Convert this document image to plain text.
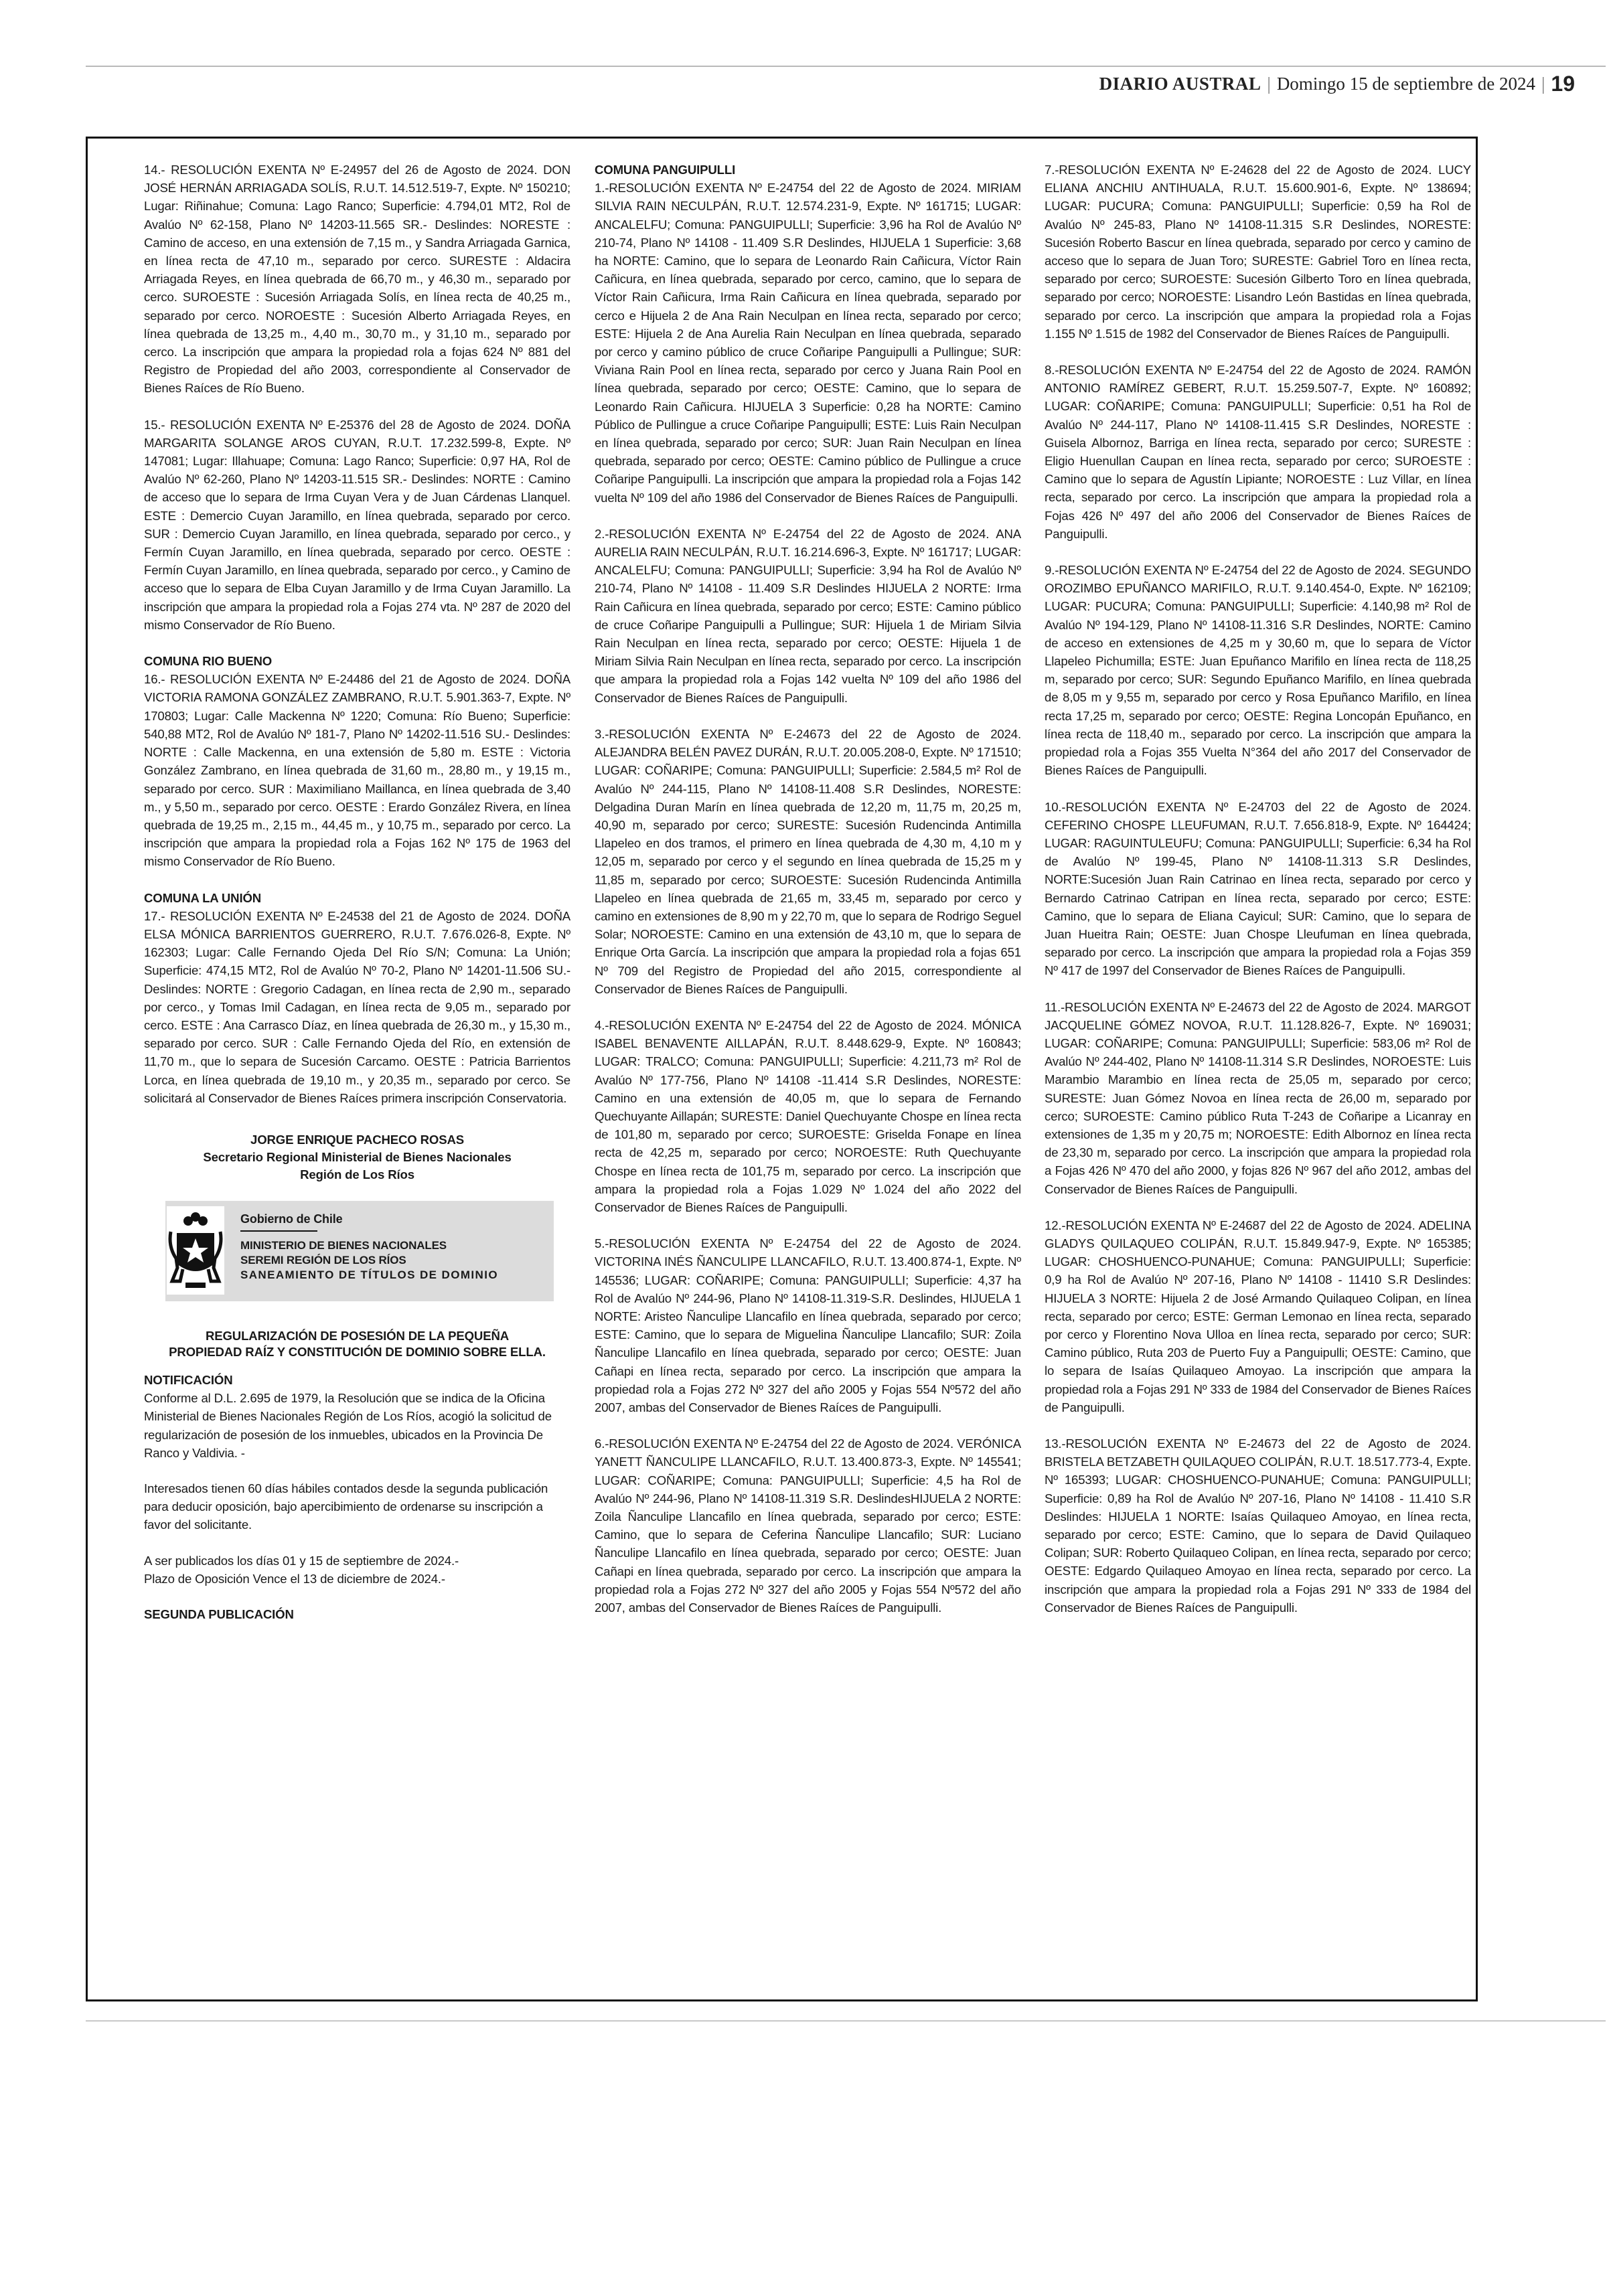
DIARIO AUSTRAL | Domingo 15 de septiembre de 2024 | 19

14.- RESOLUCIÓN EXENTA Nº E-24957 del 26 de Agosto de 2024. DON JOSÉ HERNÁN ARRIAGADA SOLÍS, R.U.T. 14.512.519-7, Expte. Nº 150210; Lugar: Riñinahue; Comuna: Lago Ranco; Superficie: 4.794,01 MT2, Rol de Avalúo Nº 62-158, Plano Nº 14203-11.565 SR.- Deslindes: NORESTE : Camino de acceso, en una extensión de 7,15 m., y Sandra Arriagada Garnica, en línea recta de 47,10 m., separado por cerco. SURESTE : Aldacira Arriagada Reyes, en línea quebrada de 66,70 m., y 46,30 m., separado por cerco. SUROESTE : Sucesión Arriagada Solís, en línea recta de 40,25 m., separado por cerco. NOROESTE : Sucesión Alberto Arriagada Reyes, en línea quebrada de 13,25 m., 4,40 m., 30,70 m., y 31,10 m., separado por cerco. La inscripción que ampara la propiedad rola a fojas 624 Nº 881 del Registro de Propiedad del año 2003, correspondiente al Conservador de Bienes Raíces de Río Bueno.

15.- RESOLUCIÓN EXENTA Nº E-25376 del 28 de Agosto de 2024. DOÑA MARGARITA SOLANGE AROS CUYAN, R.U.T. 17.232.599-8, Expte. Nº 147081; Lugar: Illahuape; Comuna: Lago Ranco; Superficie: 0,97 HA, Rol de Avalúo Nº 62-260, Plano Nº 14203-11.515 SR.- Deslindes: NORTE : Camino de acceso que lo separa de Irma Cuyan Vera y de Juan Cárdenas Llanquel. ESTE : Demercio Cuyan Jaramillo, en línea quebrada, separado por cerco. SUR : Demercio Cuyan Jaramillo, en línea quebrada, separado por cerco., y Fermín Cuyan Jaramillo, en línea quebrada, separado por cerco. OESTE : Fermín Cuyan Jaramillo, en línea quebrada, separado por cerco., y Camino de acceso que lo separa de Elba Cuyan Jaramillo y de Irma Cuyan Jaramillo. La inscripción que ampara la propiedad rola a Fojas 274 vta. Nº 287 de 2020 del mismo Conservador de Río Bueno.

COMUNA RIO BUENO

16.- RESOLUCIÓN EXENTA Nº E-24486 del 21 de Agosto de 2024. DOÑA VICTORIA RAMONA GONZÁLEZ ZAMBRANO, R.U.T. 5.901.363-7, Expte. Nº 170803; Lugar: Calle Mackenna Nº 1220; Comuna: Río Bueno; Superficie: 540,88 MT2, Rol de Avalúo Nº 181-7, Plano Nº 14202-11.516 SU.- Deslindes: NORTE : Calle Mackenna, en una extensión de 5,80 m. ESTE : Victoria González Zambrano, en línea quebrada de 31,60 m., 28,80 m., y 19,15 m., separado por cerco. SUR : Maximiliano Maillanca, en línea quebrada de 3,40 m., y 5,50 m., separado por cerco. OESTE : Erardo González Rivera, en línea quebrada de 19,25 m., 2,15 m., 44,45 m., y 10,75 m., separado por cerco. La inscripción que ampara la propiedad rola a Fojas 162 Nº 175 de 1963 del mismo Conservador de Río Bueno.

COMUNA LA UNIÓN

17.- RESOLUCIÓN EXENTA Nº E-24538 del 21 de Agosto de 2024. DOÑA ELSA MÓNICA BARRIENTOS GUERRERO, R.U.T. 7.676.026-8, Expte. Nº 162303; Lugar: Calle Fernando Ojeda Del Río S/N; Comuna: La Unión; Superficie: 474,15 MT2, Rol de Avalúo Nº 70-2, Plano Nº 14201-11.506 SU.- Deslindes: NORTE : Gregorio Cadagan, en línea recta de 2,90 m., separado por cerco., y Tomas Imil Cadagan, en línea recta de 9,05 m., separado por cerco. ESTE : Ana Carrasco Díaz, en línea quebrada de 26,30 m., y 15,30 m., separado por cerco. SUR : Calle Fernando Ojeda del Río, en extensión de 11,70 m., que lo separa de Sucesión Carcamo. OESTE : Patricia Barrientos Lorca, en línea quebrada de 19,10 m., y 20,35 m., separado por cerco. Se solicitará al Conservador de Bienes Raíces primera inscripción Conservatoria.

JORGE ENRIQUE PACHECO ROSAS
Secretario Regional Ministerial de Bienes Nacionales
Región de Los Ríos
Gobierno de Chile
MINISTERIO DE BIENES NACIONALES
SEREMI REGIÓN DE LOS RÍOS
SANEAMIENTO DE TÍTULOS DE DOMINIO
REGULARIZACIÓN DE POSESIÓN DE LA PEQUEÑA
PROPIEDAD RAÍZ Y CONSTITUCIÓN DE DOMINIO SOBRE ELLA.

NOTIFICACIÓN

Conforme al D.L. 2.695 de 1979, la Resolución que se indica de la Oficina Ministerial de Bienes Nacionales Región de Los Ríos, acogió la solicitud de regularización de posesión de los inmuebles, ubicados en la Provincia De Ranco y Valdivia. -

Interesados tienen 60 días hábiles contados desde la segunda publicación para deducir oposición, bajo apercibimiento de ordenarse su inscripción a favor del solicitante.

A ser publicados los días 01 y 15 de septiembre de 2024.-
Plazo de Oposición Vence el 13 de diciembre de 2024.-

SEGUNDA PUBLICACIÓN

COMUNA PANGUIPULLI

1.-RESOLUCIÓN EXENTA Nº E-24754 del 22 de Agosto de 2024. MIRIAM SILVIA RAIN NECULPÁN, R.U.T. 12.574.231-9, Expte. Nº 161715; LUGAR: ANCALELFU; Comuna: PANGUIPULLI; Superficie: 3,96 ha Rol de Avalúo Nº 210-74, Plano Nº 14108 - 11.409 S.R Deslindes, HIJUELA 1 Superficie: 3,68 ha NORTE: Camino, que lo separa de Leonardo Rain Cañicura, Víctor Rain Cañicura, en línea quebrada, separado por cerco, camino, que lo separa de Víctor Rain Cañicura, Irma Rain Cañicura en línea quebrada, separado por cerco e Hijuela 2 de Ana Rain Neculpan en línea recta, separado por cerco; ESTE: Hijuela 2 de Ana Aurelia Rain Neculpan en línea quebrada, separado por cerco y camino público de cruce Coñaripe Panguipulli a Pullingue; SUR: Viviana Rain Pool en línea recta, separado por cerco y Juana Rain Pool en línea quebrada, separado por cerco; OESTE: Camino, que lo separa de Leonardo Rain Cañicura. HIJUELA 3 Superficie: 0,28 ha NORTE: Camino Público de Pullingue a cruce Coñaripe Panguipulli; ESTE: Luis Rain Neculpan en línea quebrada, separado por cerco; SUR: Juan Rain Neculpan en línea quebrada, separado por cerco; OESTE: Camino público de Pullingue a cruce Coñaripe Panguipulli. La inscripción que ampara la propiedad rola a Fojas 142 vuelta Nº 109 del año 1986 del Conservador de Bienes Raíces de Panguipulli.

2.-RESOLUCIÓN EXENTA Nº E-24754 del 22 de Agosto de 2024. ANA AURELIA RAIN NECULPÁN, R.U.T. 16.214.696-3, Expte. Nº 161717; LUGAR: ANCALELFU; Comuna: PANGUIPULLI; Superficie: 3,94 ha Rol de Avalúo Nº 210-74, Plano Nº 14108 - 11.409 S.R Deslindes HIJUELA 2 NORTE: Irma Rain Cañicura en línea quebrada, separado por cerco; ESTE: Camino público de cruce Coñaripe Panguipulli a Pullingue; SUR: Hijuela 1 de Miriam Silvia Rain Neculpan en línea recta, separado por cerco; OESTE: Hijuela 1 de Miriam Silvia Rain Neculpan en línea recta, separado por cerco. La inscripción que ampara la propiedad rola a Fojas 142 vuelta Nº 109 del año 1986 del Conservador de Bienes Raíces de Panguipulli.

3.-RESOLUCIÓN EXENTA Nº E-24673 del 22 de Agosto de 2024. ALEJANDRA BELÉN PAVEZ DURÁN, R.U.T. 20.005.208-0, Expte. Nº 171510; LUGAR: COÑARIPE; Comuna: PANGUIPULLI; Superficie: 2.584,5 m² Rol de Avalúo Nº 244-115, Plano Nº 14108-11.408 S.R Deslindes, NORESTE: Delgadina Duran Marín en línea quebrada de 12,20 m, 11,75 m, 20,25 m, 40,90 m, separado por cerco; SURESTE: Sucesión Rudencinda Antimilla Llapeleo en dos tramos, el primero en línea quebrada de 4,30 m, 4,10 m y 12,05 m, separado por cerco y el segundo en línea quebrada de 15,25 m y 11,85 m, separado por cerco; SUROESTE: Sucesión Rudencinda Antimilla Llapeleo en línea quebrada de 21,65 m, 33,45 m, separado por cerco y camino en extensiones de 8,90 m y 22,70 m, que lo separa de Rodrigo Seguel Solar; NOROESTE: Camino en una extensión de 43,10 m, que lo separa de Enrique Orta García. La inscripción que ampara la propiedad rola a fojas 651 Nº 709 del Registro de Propiedad del año 2015, correspondiente al Conservador de Bienes Raíces de Panguipulli.

4.-RESOLUCIÓN EXENTA Nº E-24754 del 22 de Agosto de 2024. MÓNICA ISABEL BENAVENTE AILLAPÁN, R.U.T. 8.448.629-9, Expte. Nº 160843; LUGAR: TRALCO; Comuna: PANGUIPULLI; Superficie: 4.211,73 m² Rol de Avalúo Nº 177-756, Plano Nº 14108 -11.414 S.R Deslindes, NORESTE: Camino en una extensión de 40,05 m, que lo separa de Fernando Quechuyante Aillapán; SURESTE: Daniel Quechuyante Chospe en línea recta de 101,80 m, separado por cerco; SUROESTE: Griselda Fonape en línea recta de 42,25 m, separado por cerco; NOROESTE: Ruth Quechuyante Chospe en línea recta de 101,75 m, separado por cerco. La inscripción que ampara la propiedad rola a Fojas 1.029 Nº 1.024 del año 2022 del Conservador de Bienes Raíces de Panguipulli.

5.-RESOLUCIÓN EXENTA Nº E-24754 del 22 de Agosto de 2024. VICTORINA INÉS ÑANCULIPE LLANCAFILO, R.U.T. 13.400.874-1, Expte. Nº 145536; LUGAR: COÑARIPE; Comuna: PANGUIPULLI; Superficie: 4,37 ha Rol de Avalúo Nº 244-96, Plano Nº 14108-11.319-S.R. Deslindes, HIJUELA 1 NORTE: Aristeo Ñanculipe Llancafilo en línea quebrada, separado por cerco; ESTE: Camino, que lo separa de Miguelina Ñanculipe Llancafilo; SUR: Zoila Ñanculipe Llancafilo en línea quebrada, separado por cerco; OESTE: Juan Cañapi en línea recta, separado por cerco. La inscripción que ampara la propiedad rola a Fojas 272 Nº 327 del año 2005 y Fojas 554 Nº572 del año 2007, ambas del Conservador de Bienes Raíces de Panguipulli.

6.-RESOLUCIÓN EXENTA Nº E-24754 del 22 de Agosto de 2024. VERÓNICA YANETT ÑANCULIPE LLANCAFILO, R.U.T. 13.400.873-3, Expte. Nº 145541; LUGAR: COÑARIPE; Comuna: PANGUIPULLI; Superficie: 4,5 ha Rol de Avalúo Nº 244-96, Plano Nº 14108-11.319 S.R. DeslindesHIJUELA 2 NORTE: Zoila Ñanculipe Llancafilo en línea quebrada, separado por cerco; ESTE: Camino, que lo separa de Ceferina Ñanculipe Llancafilo; SUR: Luciano Ñanculipe Llancafilo en línea quebrada, separado por cerco; OESTE: Juan Cañapi en línea quebrada, separado por cerco. La inscripción que ampara la propiedad rola a Fojas 272 Nº 327 del año 2005 y Fojas 554 Nº572 del año 2007, ambas del Conservador de Bienes Raíces de Panguipulli.

7.-RESOLUCIÓN EXENTA Nº E-24628 del 22 de Agosto de 2024. LUCY ELIANA ANCHIU ANTIHUALA, R.U.T. 15.600.901-6, Expte. Nº 138694; LUGAR: PUCURA; Comuna: PANGUIPULLI; Superficie: 0,59 ha Rol de Avalúo Nº 245-83, Plano Nº 14108-11.315 S.R Deslindes, NORESTE: Sucesión Roberto Bascur en línea quebrada, separado por cerco y camino de acceso que lo separa de Juan Toro; SURESTE: Gabriel Toro en línea recta, separado por cerco; SUROESTE: Sucesión Gilberto Toro en línea quebrada, separado por cerco; NOROESTE: Lisandro León Bastidas en línea quebrada, separado por cerco. La inscripción que ampara la propiedad rola a Fojas 1.155 Nº 1.515 de 1982 del Conservador de Bienes Raíces de Panguipulli.

8.-RESOLUCIÓN EXENTA Nº E-24754 del 22 de Agosto de 2024. RAMÓN ANTONIO RAMÍREZ GEBERT, R.U.T. 15.259.507-7, Expte. Nº 160892; LUGAR: COÑARIPE; Comuna: PANGUIPULLI; Superficie: 0,51 ha Rol de Avalúo Nº 244-117, Plano Nº 14108-11.415 S.R Deslindes, NORESTE : Guisela Albornoz, Barriga en línea recta, separado por cerco; SURESTE : Eligio Huenullan Caupan en línea recta, separado por cerco; SUROESTE : Camino que lo separa de Agustín Lipiante; NOROESTE : Luz Villar, en línea recta, separado por cerco. La inscripción que ampara la propiedad rola a Fojas 426 Nº 497 del año 2006 del Conservador de Bienes Raíces de Panguipulli.

9.-RESOLUCIÓN EXENTA Nº E-24754 del 22 de Agosto de 2024. SEGUNDO OROZIMBO EPUÑANCO MARIFILO, R.U.T. 9.140.454-0, Expte. Nº 162109; LUGAR: PUCURA; Comuna: PANGUIPULLI; Superficie: 4.140,98 m² Rol de Avalúo Nº 194-129, Plano Nº 14108-11.316 S.R Deslindes, NORTE: Camino de acceso en extensiones de 4,25 m y 30,60 m, que lo separa de Víctor Llapeleo Pichumilla; ESTE: Juan Epuñanco Marifilo en línea recta de 118,25 m, separado por cerco; SUR: Segundo Epuñanco Marifilo, en línea quebrada de 8,05 m y 9,55 m, separado por cerco y Rosa Epuñanco Marifilo, en línea recta 17,25 m, separado por cerco; OESTE: Regina Loncopán Epuñanco, en línea recta de 118,40 m., separado por cerco. La inscripción que ampara la propiedad rola a Fojas 355 Vuelta N°364 del año 2017 del Conservador de Bienes Raíces de Panguipulli.

10.-RESOLUCIÓN EXENTA Nº E-24703 del 22 de Agosto de 2024. CEFERINO CHOSPE LLEUFUMAN, R.U.T. 7.656.818-9, Expte. Nº 164424; LUGAR: RAGUINTULEUFU; Comuna: PANGUIPULLI; Superficie: 6,34 ha Rol de Avalúo Nº 199-45, Plano Nº 14108-11.313 S.R Deslindes, NORTE:Sucesión Juan Rain Catrinao en línea recta, separado por cerco y Bernardo Catrinao Catripan en línea recta, separado por cerco; ESTE: Camino, que lo separa de Eliana Cayicul; SUR: Camino, que lo separa de Juan Hueitra Rain; OESTE: Juan Chospe Lleufuman en línea quebrada, separado por cerco. La inscripción que ampara la propiedad rola a Fojas 359 Nº 417 de 1997 del Conservador de Bienes Raíces de Panguipulli.

11.-RESOLUCIÓN EXENTA Nº E-24673 del 22 de Agosto de 2024. MARGOT JACQUELINE GÓMEZ NOVOA, R.U.T. 11.128.826-7, Expte. Nº 169031; LUGAR: COÑARIPE; Comuna: PANGUIPULLI; Superficie: 583,06 m² Rol de Avalúo Nº 244-402, Plano Nº 14108-11.314 S.R Deslindes, NOROESTE: Luis Marambio Marambio en línea recta de 25,05 m, separado por cerco; SURESTE: Juan Gómez Novoa en línea recta de 26,00 m, separado por cerco; SUROESTE: Camino público Ruta T-243 de Coñaripe a Licanray en extensiones de 1,35 m y 20,75 m; NOROESTE: Edith Albornoz en línea recta de 23,30 m, separado por cerco. La inscripción que ampara la propiedad rola a Fojas 426 Nº 470 del año 2000, y fojas 826 Nº 967 del año 2012, ambas del Conservador de Bienes Raíces de Panguipulli.

12.-RESOLUCIÓN EXENTA Nº E-24687 del 22 de Agosto de 2024. ADELINA GLADYS QUILAQUEO COLIPÁN, R.U.T. 15.849.947-9, Expte. Nº 165385; LUGAR: CHOSHUENCO-PUNAHUE; Comuna: PANGUIPULLI; Superficie: 0,9 ha Rol de Avalúo Nº 207-16, Plano Nº 14108 - 11410 S.R Deslindes: HIJUELA 3 NORTE: Hijuela 2 de José Armando Quilaqueo Colipan, en línea recta, separado por cerco; ESTE: German Lemonao en línea recta, separado por cerco y Florentino Nova Ulloa en línea recta, separado por cerco; SUR: Camino público, Ruta 203 de Puerto Fuy a Panguipulli; OESTE: Camino, que lo separa de Isaías Quilaqueo Amoyao. La inscripción que ampara la propiedad rola a Fojas 291 Nº 333 de 1984 del Conservador de Bienes Raíces de Panguipulli.

13.-RESOLUCIÓN EXENTA Nº E-24673 del 22 de Agosto de 2024. BRISTELA BETZABETH QUILAQUEO COLIPÁN, R.U.T. 18.517.773-4, Expte. Nº 165393; LUGAR: CHOSHUENCO-PUNAHUE; Comuna: PANGUIPULLI; Superficie: 0,89 ha Rol de Avalúo Nº 207-16, Plano Nº 14108 - 11.410 S.R Deslindes: HIJUELA 1 NORTE: Isaías Quilaqueo Amoyao, en línea recta, separado por cerco; ESTE: Camino, que lo separa de David Quilaqueo Colipan; SUR: Roberto Quilaqueo Colipan, en línea recta, separado por cerco; OESTE: Edgardo Quilaqueo Amoyao en línea recta, separado por cerco. La inscripción que ampara la propiedad rola a Fojas 291 Nº 333 de 1984 del Conservador de Bienes Raíces de Panguipulli.
